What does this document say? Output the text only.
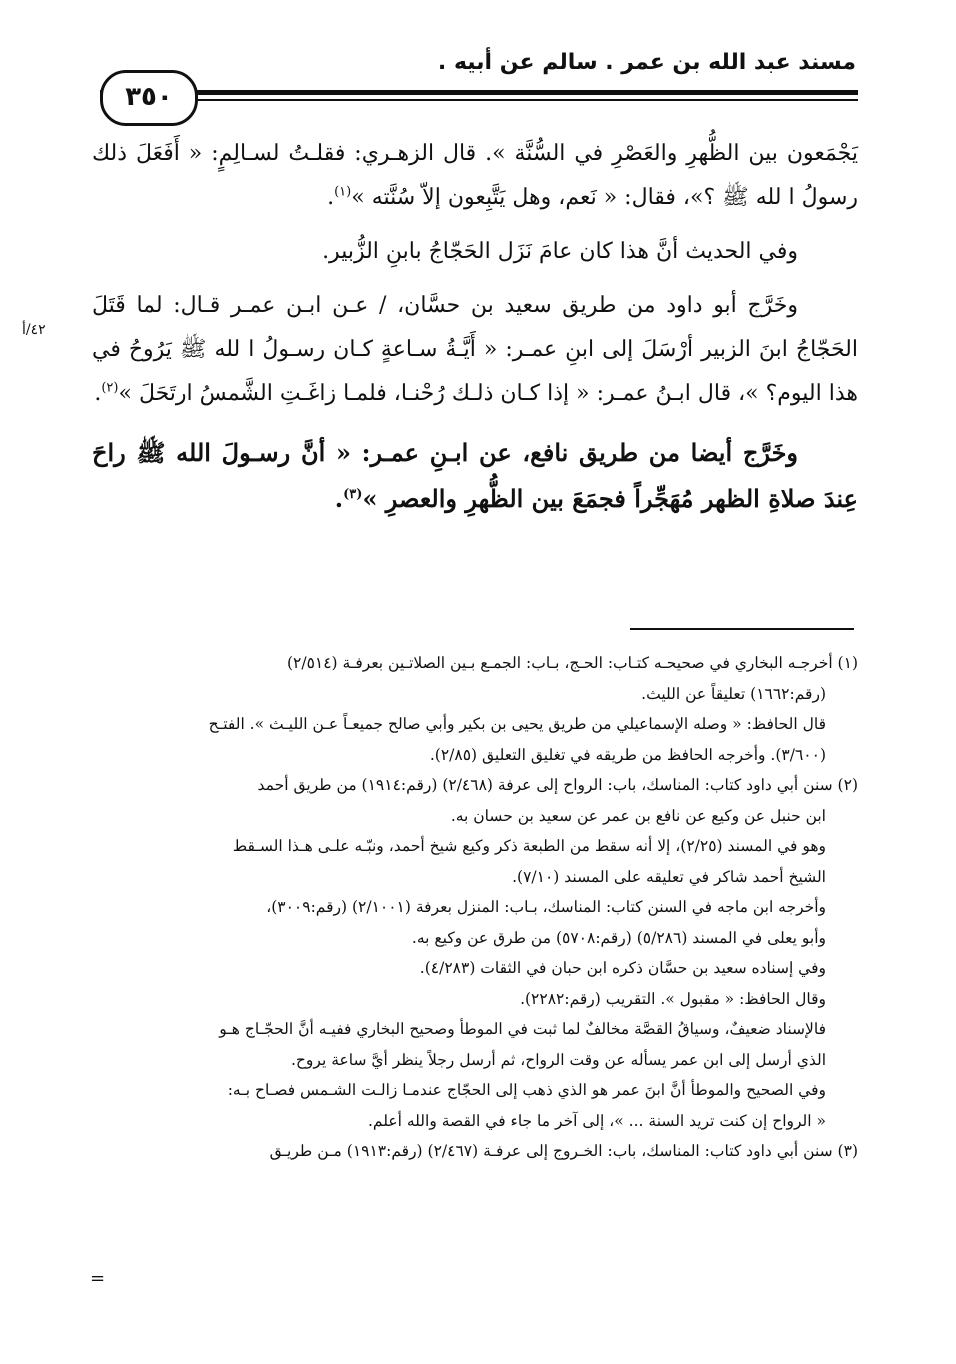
مسند عبد الله بن عمر . سالم عن أبيه .
٣٥٠
٤٢/أ

يَجْمَعون بين الظُّهرِ والعَصْرِ في السُّنَّة ». قال الزهـري: فقلـتُ لسـالِمٍ: « أَفَعَلَ ذلك رسولُ ا لله ﷺ ؟»، فقال: « نَعم، وهل يَتَّبِعون إلاّ سُنَّته »$^{(١)}$.

وفي الحديث أنَّ هذا كان عامَ نَزَل الحَجّاجُ بابنِ الزُّبير.

وخَرَّج أبو داود من طريق سعيد بن حسَّان، / عـن ابـن عمـر قـال: لما قَتَلَ الحَجّاجُ ابنَ الزبير أرْسَلَ إلى ابنِ عمـر: « أَيَّـةُ سـاعةٍ كـان رسـولُ ا لله ﷺ يَرُوحُ في هذا اليوم؟ »، قال ابـنُ عمـر: « إذا كـان ذلـك رُحْنـا، فلمـا زاغَـتِ الشَّمسُ ارتَحَلَ »$^{(٢)}$.

وخَرَّج أيضا من طريق نافع، عن ابـنِ عمـر: « أنَّ رسـولَ الله ﷺ راحَ عِندَ صلاةِ الظهر مُهَجِّراً فجمَعَ بين الظُّهرِ والعصرِ »$^{(٣)}$.

(١) أخرجـه البخاري في صحيحـه كتـاب: الحـج، بـاب: الجمـع بـين الصلاتـين بعرفـة (٢/٥١٤)

(رقم:١٦٦٢) تعليقاً عن الليث.

قال الحافظ: « وصله الإسماعيلي من طريق يحيى بن بكير وأبي صالح جميعـاً عـن الليـث ». الفتـح

(٣/٦٠٠). وأخرجه الحافظ من طريقه في تغليق التعليق (٢/٨٥).

(٢) سنن أبي داود كتاب: المناسك، باب: الرواح إلى عرفة (٢/٤٦٨) (رقم:١٩١٤) من طريق أحمد

ابن حنبل عن وكيع عن نافع بن عمر عن سعيد بن حسان به.

وهو في المسند (٢/٢٥)، إلا أنه سقط من الطبعة ذكر وكيع شيخ أحمد، ونبّـه علـى هـذا السـقط

الشيخ أحمد شاكر في تعليقه على المسند (٧/١٠).

وأخرجه ابن ماجه في السنن كتاب: المناسك، بـاب: المنزل بعرفة (٢/١٠٠١) (رقم:٣٠٠٩)،

وأبو يعلى في المسند (٥/٢٨٦) (رقم:٥٧٠٨) من طرق عن وكيع به.

وفي إسناده سعيد بن حسَّان ذكره ابن حبان في الثقات (٤/٢٨٣).

وقال الحافظ: « مقبول ». التقريب (رقم:٢٢٨٢).

فالإسناد ضعيفٌ، وسياقُ القصَّة مخالفٌ لما ثبت في الموطأ وصحيح البخاري ففيـه أنَّ الحجّـاج هـو

الذي أرسل إلى ابن عمر يسأله عن وقت الرواح، ثم أرسل رجلاً ينظر أيَّ ساعة يروح.

وفي الصحيح والموطأ أنَّ ابنَ عمر هو الذي ذهب إلى الحجّاج عندمـا زالـت الشـمس فصـاح بـه:

« الرواح إن كنت تريد السنة ... »، إلى آخر ما جاء في القصة والله أعلم.

(٣) سنن أبي داود كتاب: المناسك، باب: الخـروج إلى عرفـة (٢/٤٦٧) (رقم:١٩١٣) مـن طريـق

=
